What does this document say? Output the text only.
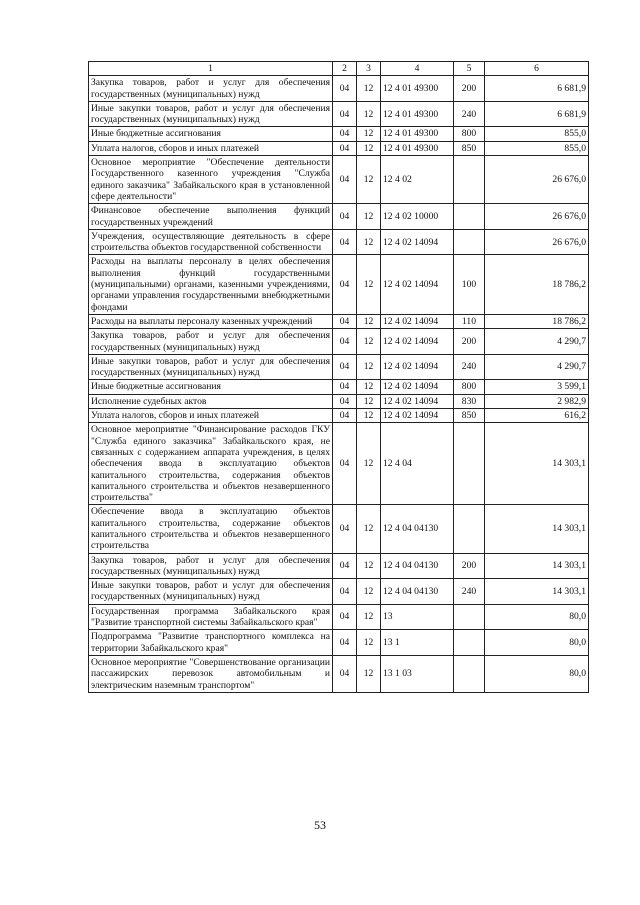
1	2	3	4	5	6
Закупка товаров, работ и услуг для обеспечения государственных (муниципальных) нужд	04	12	12 4 01 49300	200	6 681,9
Иные закупки товаров, работ и услуг для обеспечения государственных (муниципальных) нужд	04	12	12 4 01 49300	240	6 681,9
Иные бюджетные ассигнования	04	12	12 4 01 49300	800	855,0
Уплата налогов, сборов и иных платежей	04	12	12 4 01 49300	850	855,0
Основное мероприятие "Обеспечение деятельности Государственного казенного учреждения "Служба единого заказчика" Забайкальского края в установленной сфере деятельности"	04	12	12 4 02		26 676,0
Финансовое обеспечение выполнения функций государственных учреждений	04	12	12 4 02 10000		26 676,0
Учреждения, осуществляющие деятельность в сфере строительства объектов государственной собственности	04	12	12 4 02 14094		26 676,0
Расходы на выплаты персоналу в целях обеспечения выполнения функций государственными (муниципальными) органами, казенными учреждениями, органами управления государственными внебюджетными фондами	04	12	12 4 02 14094	100	18 786,2
Расходы на выплаты персоналу казенных учреждений	04	12	12 4 02 14094	110	18 786,2
Закупка товаров, работ и услуг для обеспечения государственных (муниципальных) нужд	04	12	12 4 02 14094	200	4 290,7
Иные закупки товаров, работ и услуг для обеспечения государственных (муниципальных) нужд	04	12	12 4 02 14094	240	4 290,7
Иные бюджетные ассигнования	04	12	12 4 02 14094	800	3 599,1
Исполнение судебных актов	04	12	12 4 02 14094	830	2 982,9
Уплата налогов, сборов и иных платежей	04	12	12 4 02 14094	850	616,2
Основное мероприятие "Финансирование расходов ГКУ "Служба единого заказчика" Забайкальского края, не связанных с содержанием аппарата учреждения, в целях обеспечения ввода в эксплуатацию объектов капитального строительства, содержания объектов капитального строительства и объектов незавершенного строительства"	04	12	12 4 04		14 303,1
Обеспечение ввода в эксплуатацию объектов капитального строительства, содержание объектов капитального строительства и объектов незавершенного строительства	04	12	12 4 04 04130		14 303,1
Закупка товаров, работ и услуг для обеспечения государственных (муниципальных) нужд	04	12	12 4 04 04130	200	14 303,1
Иные закупки товаров, работ и услуг для обеспечения государственных (муниципальных) нужд	04	12	12 4 04 04130	240	14 303,1
Государственная программа Забайкальского края "Развитие транспортной системы Забайкальского края"	04	12	13		80,0
Подпрограмма "Развитие транспортного комплекса на территории Забайкальского края"	04	12	13 1		80,0
Основное мероприятие "Совершенствование организации пассажирских перевозок автомобильным и электрическим наземным транспортом"	04	12	13 1 03		80,0
53
